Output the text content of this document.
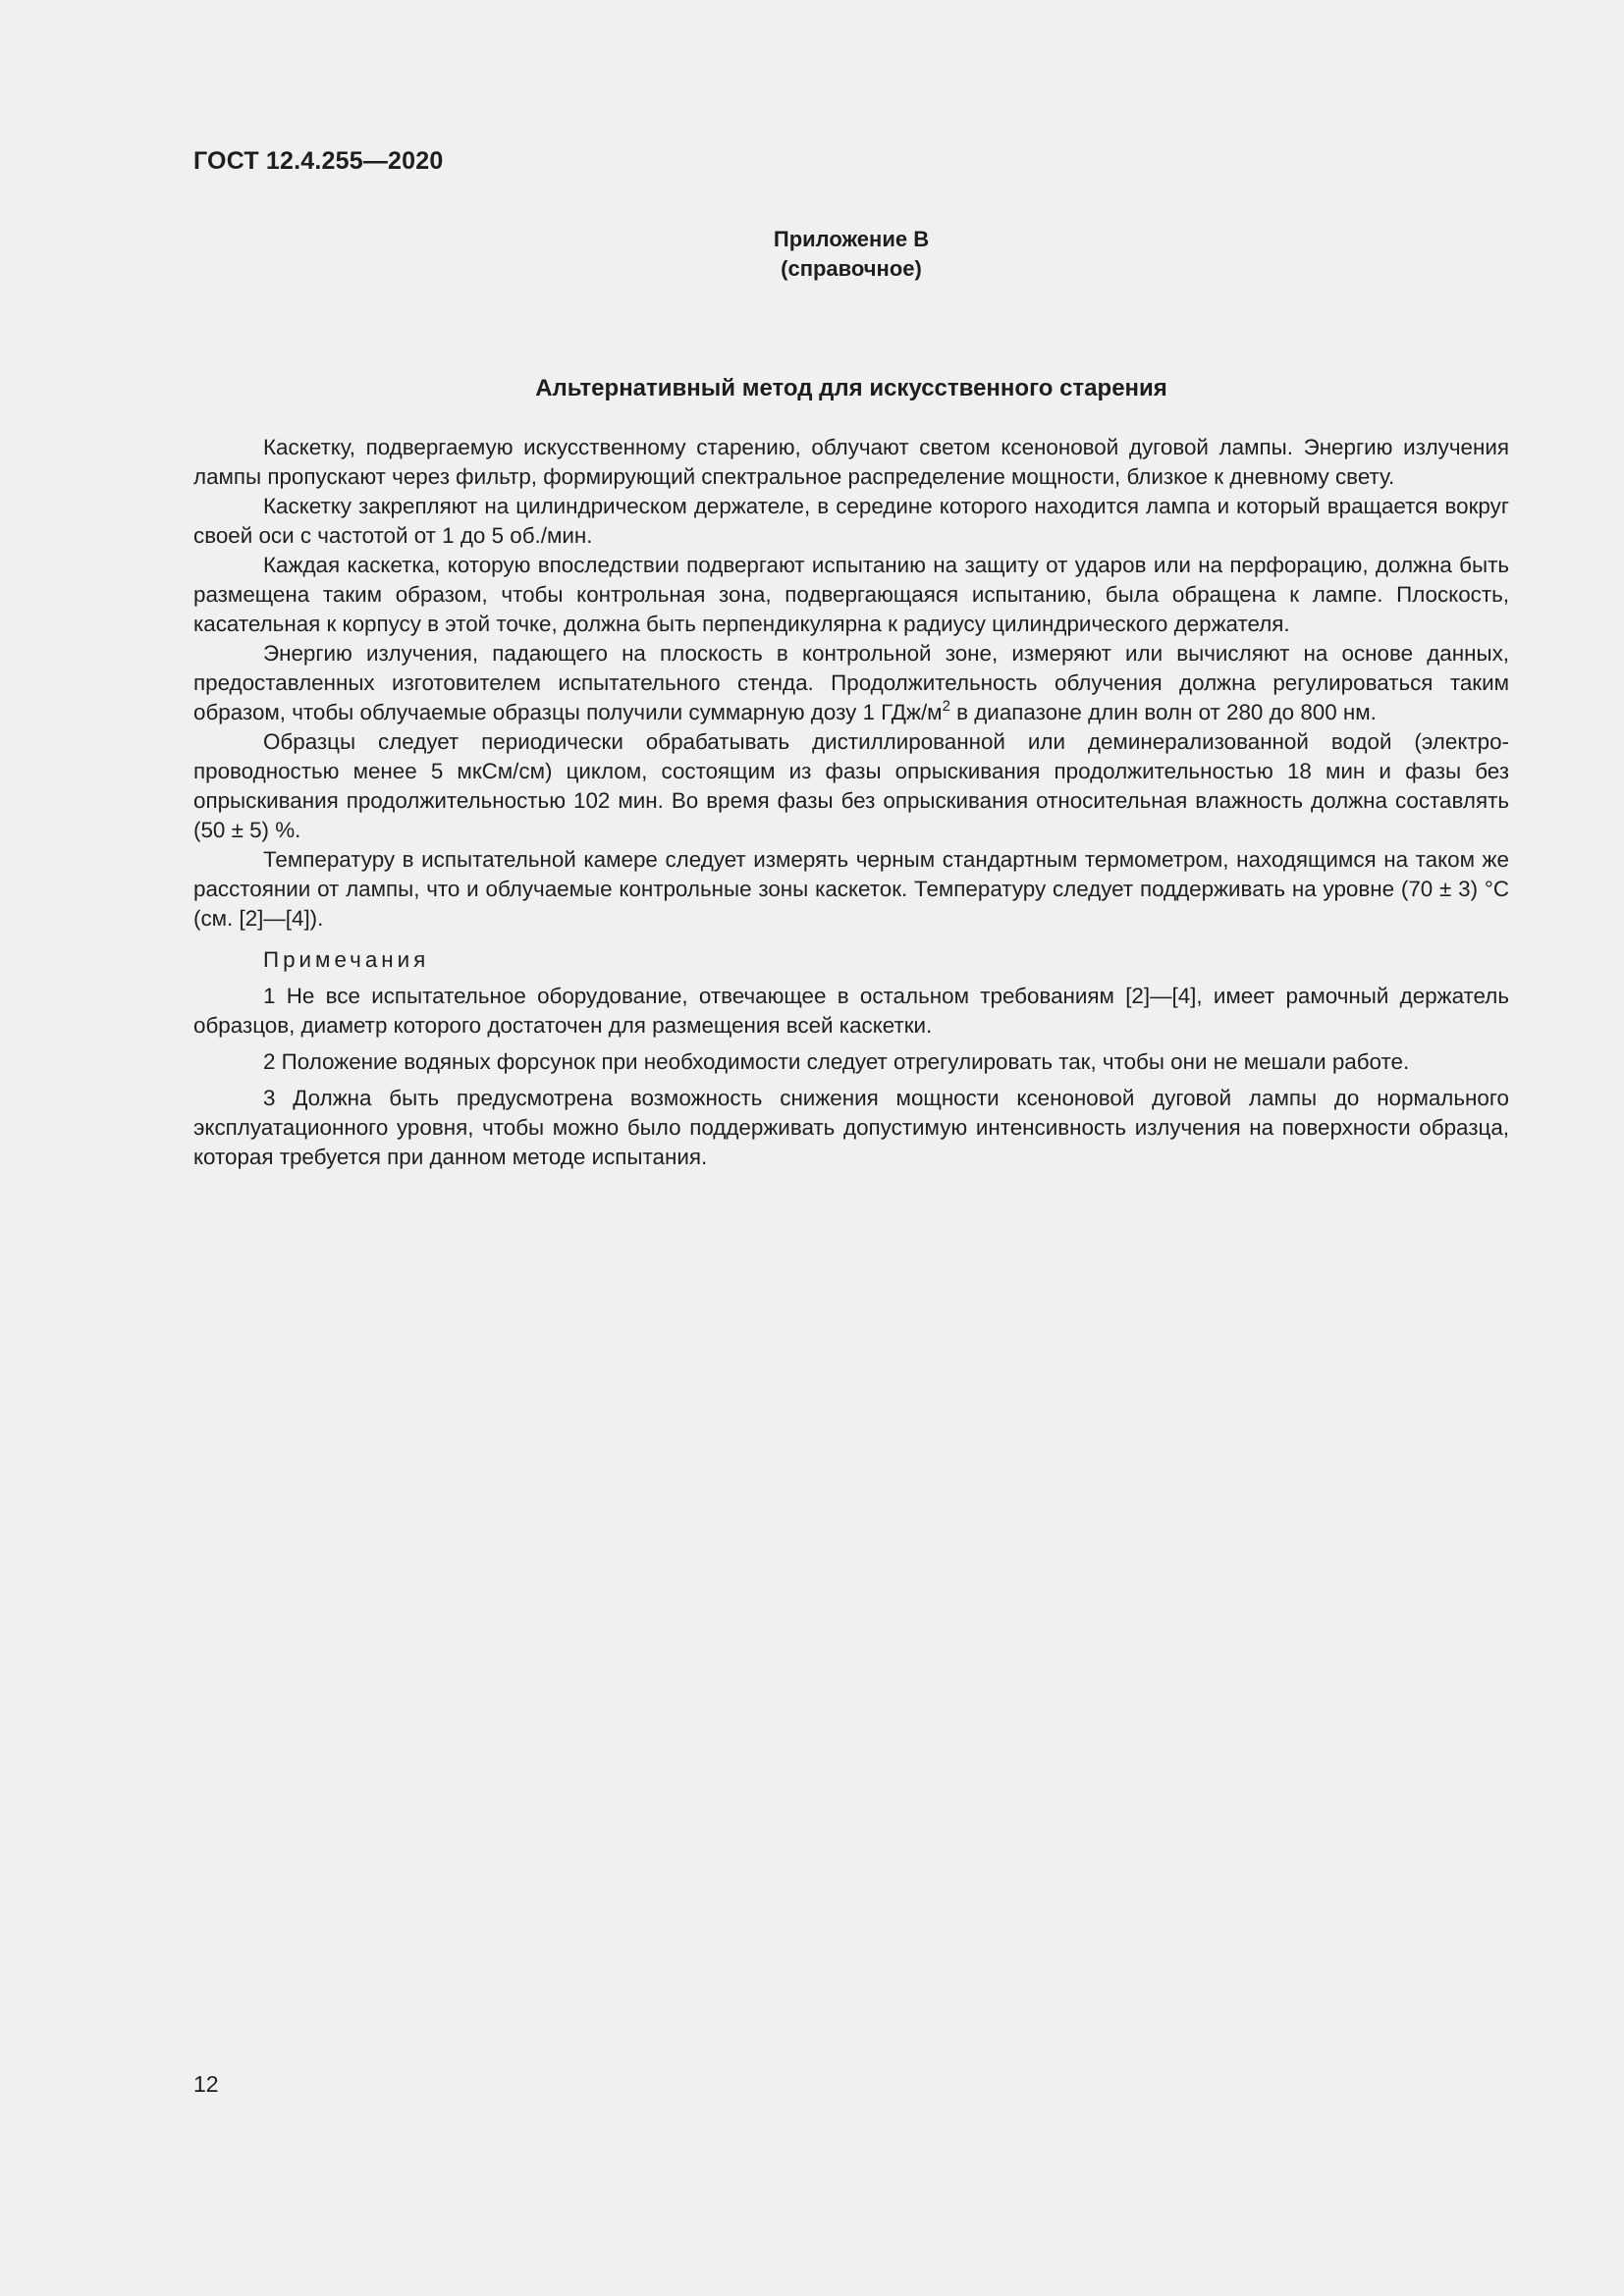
ГОСТ 12.4.255—2020
Приложение В
(справочное)
Альтернативный метод для искусственного старения

Каскетку, подвергаемую искусственному старению, облучают светом ксеноновой дуговой лампы. Энергию излучения лампы пропускают через фильтр, формирующий спектральное распределение мощности, близкое к дневному свету.

Каскетку закрепляют на цилиндрическом держателе, в середине которого находится лампа и который вращается вокруг своей оси с частотой от 1 до 5 об./мин.

Каждая каскетка, которую впоследствии подвергают испытанию на защиту от ударов или на перфорацию, должна быть размещена таким образом, чтобы контрольная зона, подвергающаяся испытанию, была обращена к лампе. Плоскость, касательная к корпусу в этой точке, должна быть перпендикулярна к радиусу цилиндрического держателя.

Энергию излучения, падающего на плоскость в контрольной зоне, измеряют или вычисляют на основе данных, предоставленных изготовителем испытательного стенда. Продолжительность облучения должна регулироваться таким образом, чтобы облучаемые образцы получили суммарную дозу 1 ГДж/$м^2$ в диапазоне длин волн от 280 до 800 нм.

Образцы следует периодически обрабатывать дистиллированной или деминерализованной водой (электропроводностью менее 5 мкСм/см) циклом, состоящим из фазы опрыскивания продолжительностью 18 мин и фазы без опрыскивания продолжительностью 102 мин. Во время фазы без опрыскивания относительная влажность должна составлять (50 ± 5) %.

Температуру в испытательной камере следует измерять черным стандартным термометром, находящимся на таком же расстоянии от лампы, что и облучаемые контрольные зоны каскеток. Температуру следует поддерживать на уровне (70 ± 3) °C (см. [2]—[4]).

Примечания

1 Не все испытательное оборудование, отвечающее в остальном требованиям [2]—[4], имеет рамочный держатель образцов, диаметр которого достаточен для размещения всей каскетки.

2 Положение водяных форсунок при необходимости следует отрегулировать так, чтобы они не мешали работе.

3 Должна быть предусмотрена возможность снижения мощности ксеноновой дуговой лампы до нормального эксплуатационного уровня, чтобы можно было поддерживать допустимую интенсивность излучения на поверхности образца, которая требуется при данном методе испытания.

12
